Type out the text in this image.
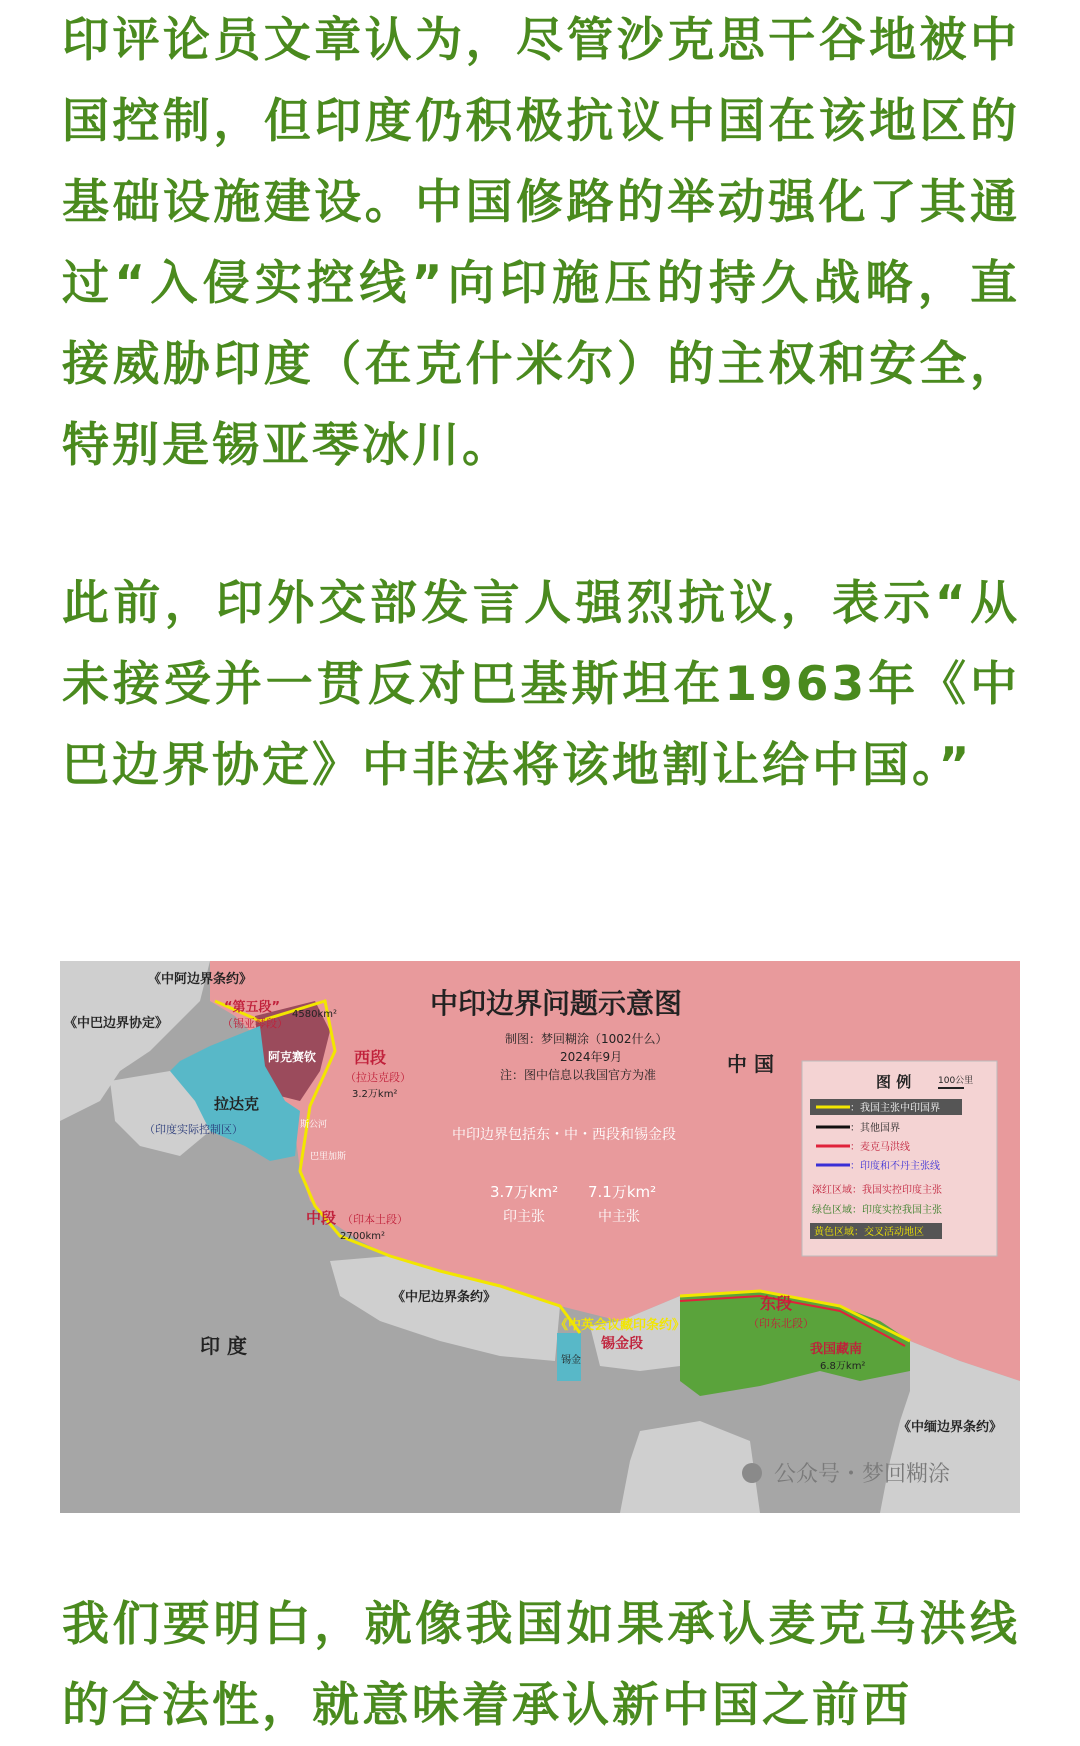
印评论员文章认为，尽管沙克思干谷地被中国控制，但印度仍积极抗议中国在该地区的基础设施建设。中国修路的举动强化了其通过“入侵实控线”向印施压的持久战略，直接威胁印度（在克什米尔）的主权和安全，特别是锡亚琴冰川。

此前，印外交部发言人强烈抗议，表示“从未接受并一贯反对巴基斯坦在1963年《中巴边界协定》中非法将该地割让给中国。”

中印边界问题示意图
制图：梦回糊涂（1002什么）
2024年9月
注：图中信息以我国官方为准	中 国
中印边界包括东・中・西段和锡金段
3.7万km²
印主张
7.1万km²
中主张
《中阿边界条约》
《中巴边界协定》
“第五段”
（锡亚琴段）
4580km²
阿克赛钦 西段
（拉达克段）
3.2万km²
拉达克
（印度实际控制区）	斯公河
巴里加斯
中段 （印本土段）
2700km²
《中尼边界条约》
印 度
《中英会议藏印条约》
锡金段
锡金
东段
（印东北段）
我国藏南
6.8万km²
《中缅边界条约》
公众号・梦回糊涂
图 例	100公里
：我国主张中印国界
：其他国界
：麦克马洪线
：印度和不丹主张线
深红区域：我国实控印度主张
绿色区域：印度实控我国主张
黄色区域：交叉活动地区

我们要明白，就像我国如果承认麦克马洪线的合法性，就意味着承认新中国之前西
